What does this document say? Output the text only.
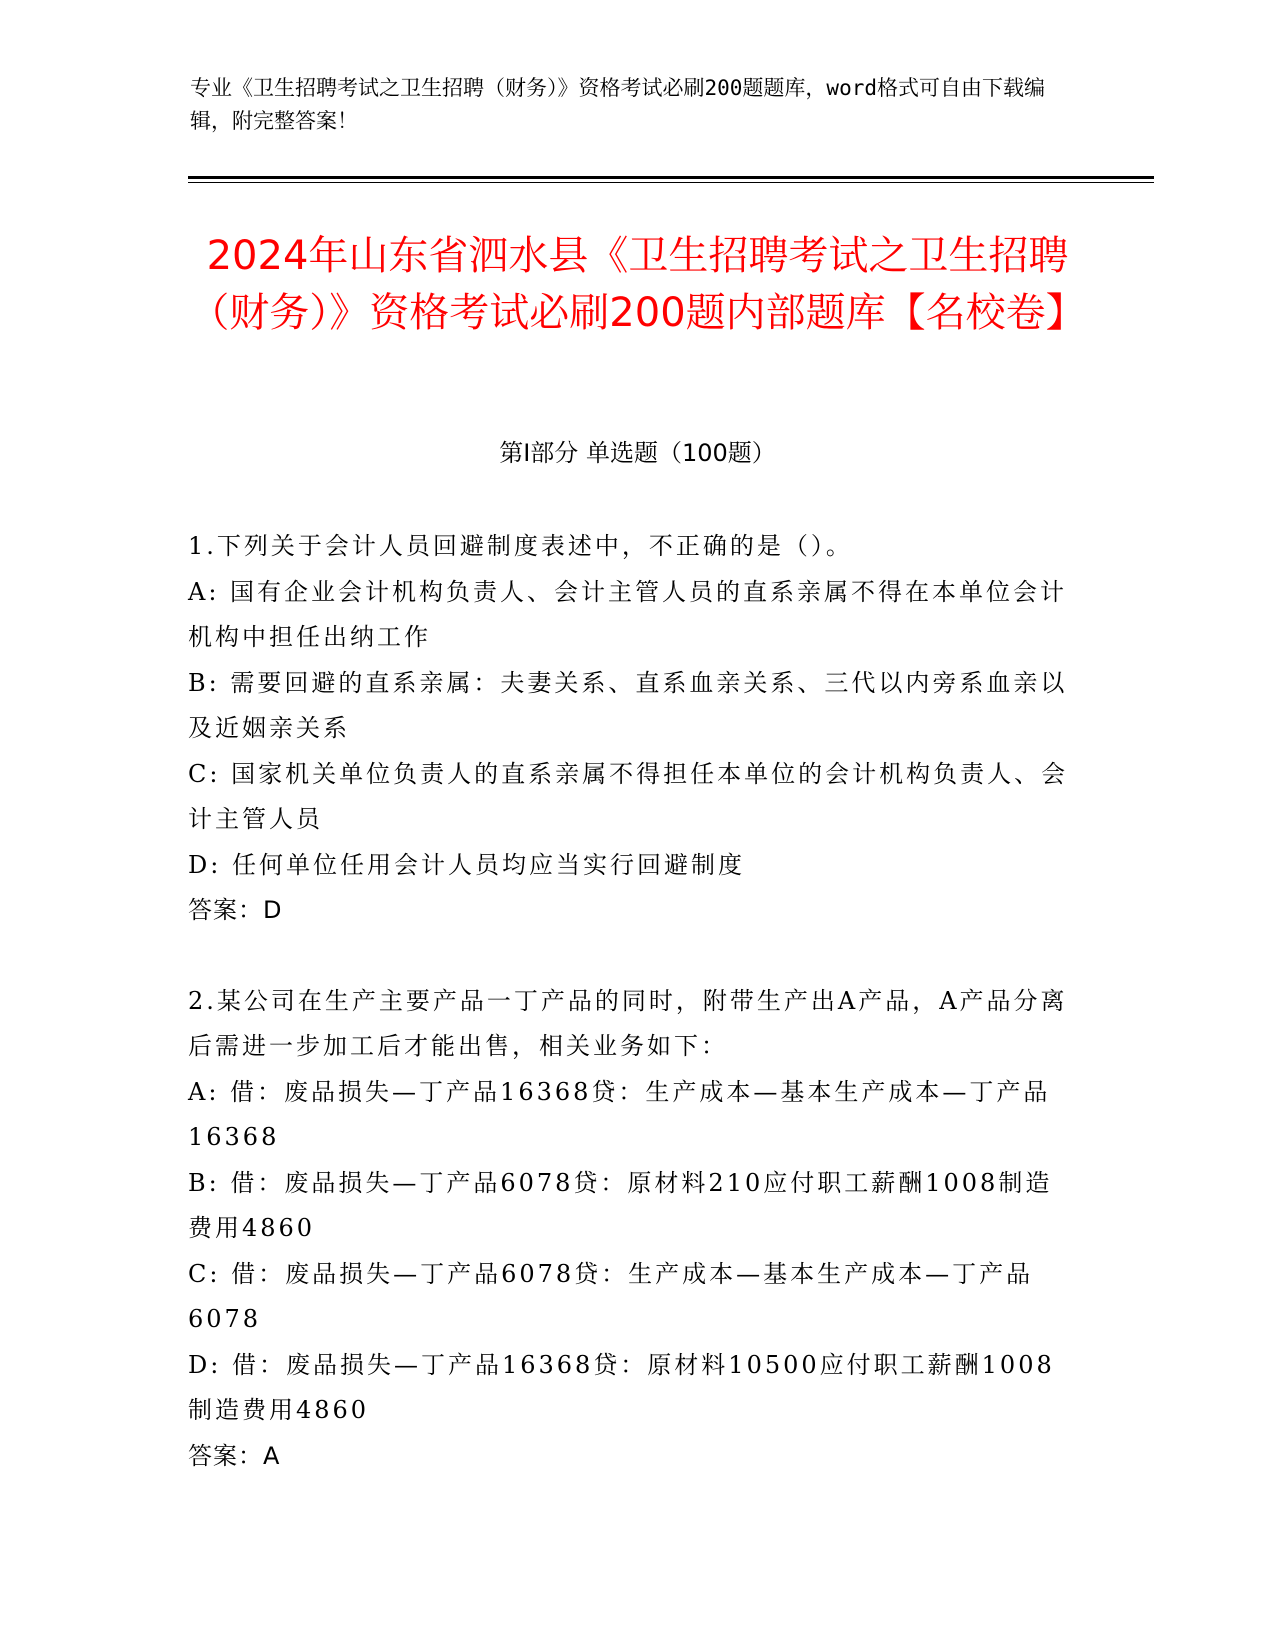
专业《卫生招聘考试之卫生招聘（财务）》资格考试必刷200题题库，word格式可自由下载编辑，附完整答案！
2024年山东省泗水县《卫生招聘考试之卫生招聘（财务）》资格考试必刷200题内部题库【名校卷】
第I部分 单选题（100题）
1.下列关于会计人员回避制度表述中，不正确的是（）。
A: 国有企业会计机构负责人、会计主管人员的直系亲属不得在本单位会计机构中担任出纳工作
B: 需要回避的直系亲属：夫妻关系、直系血亲关系、三代以内旁系血亲以及近姻亲关系
C: 国家机关单位负责人的直系亲属不得担任本单位的会计机构负责人、会计主管人员
D: 任何单位任用会计人员均应当实行回避制度
答案：D
2.某公司在生产主要产品一丁产品的同时，附带生产出A产品，A产品分离后需进一步加工后才能出售，相关业务如下：
A: 借：废品损失—丁产品16368贷：生产成本—基本生产成本—丁产品16368
B: 借：废品损失—丁产品6078贷：原材料210应付职工薪酬1008制造费用4860
C: 借：废品损失—丁产品6078贷：生产成本—基本生产成本—丁产品6078
D: 借：废品损失—丁产品16368贷：原材料10500应付职工薪酬1008制造费用4860
答案：A
